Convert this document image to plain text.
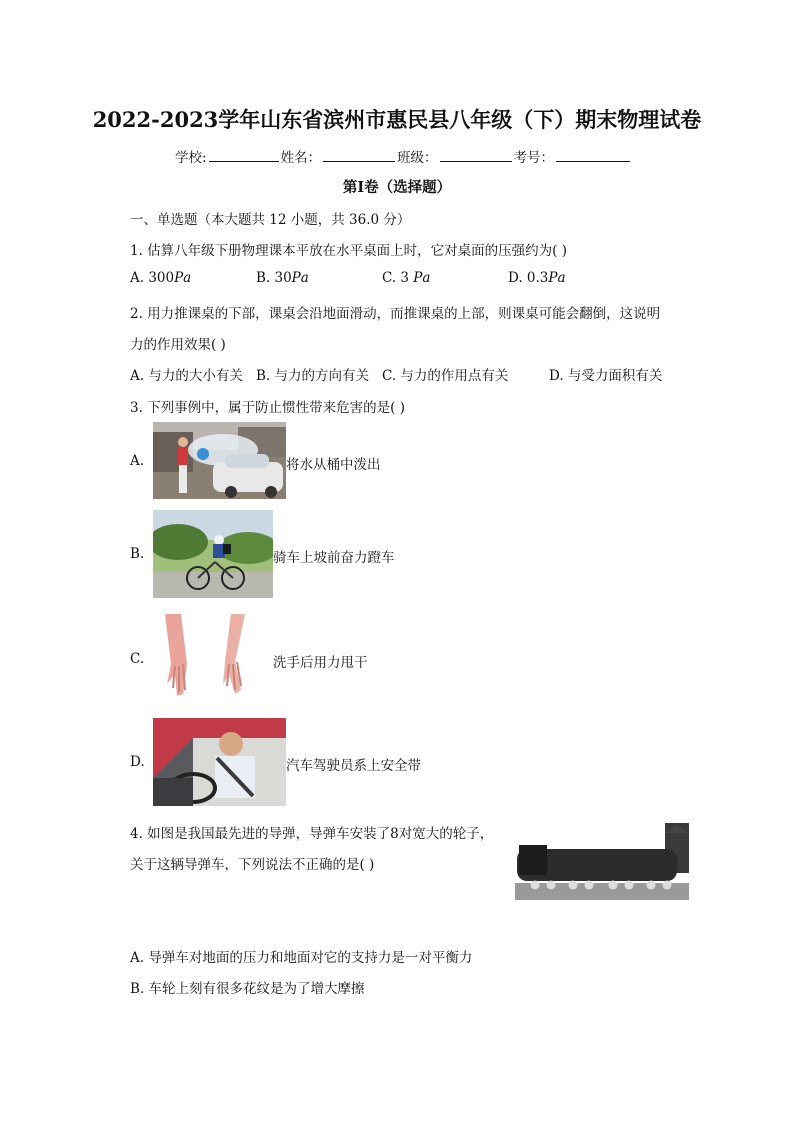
2022-2023学年山东省滨州市惠民县八年级（下）期末物理试卷
学校:	姓名：	班级：	考号：
第Ⅰ卷（选择题）
一、单选题（本大题共 12 小题，共 36.0 分）
1. 估算八年级下册物理课本平放在水平桌面上时，它对桌面的压强约为( )
A. 300𝑃𝑎	B. 30𝑃𝑎	C. 3 𝑃𝑎	D. 0.3𝑃𝑎
2. 用力推课桌的下部，课桌会沿地面滑动，而推课桌的上部，则课桌可能会翻倒，这说明
力的作用效果( )
A. 与力的大小有关 B. 与力的方向有关 C. 与力的作用点有关	D. 与受力面积有关
3. 下列事例中，属于防止惯性带来危害的是( )
A.	将水从桶中泼出
B.	骑车上坡前奋力蹬车
C.	洗手后用力甩干
D.	汽车驾驶员系上安全带
4. 如图是我国最先进的导弹，导弹车安装了8对宽大的轮子，
关于这辆导弹车，下列说法不正确的是( )
A. 导弹车对地面的压力和地面对它的支持力是一对平衡力
B. 车轮上刻有很多花纹是为了增大摩擦
